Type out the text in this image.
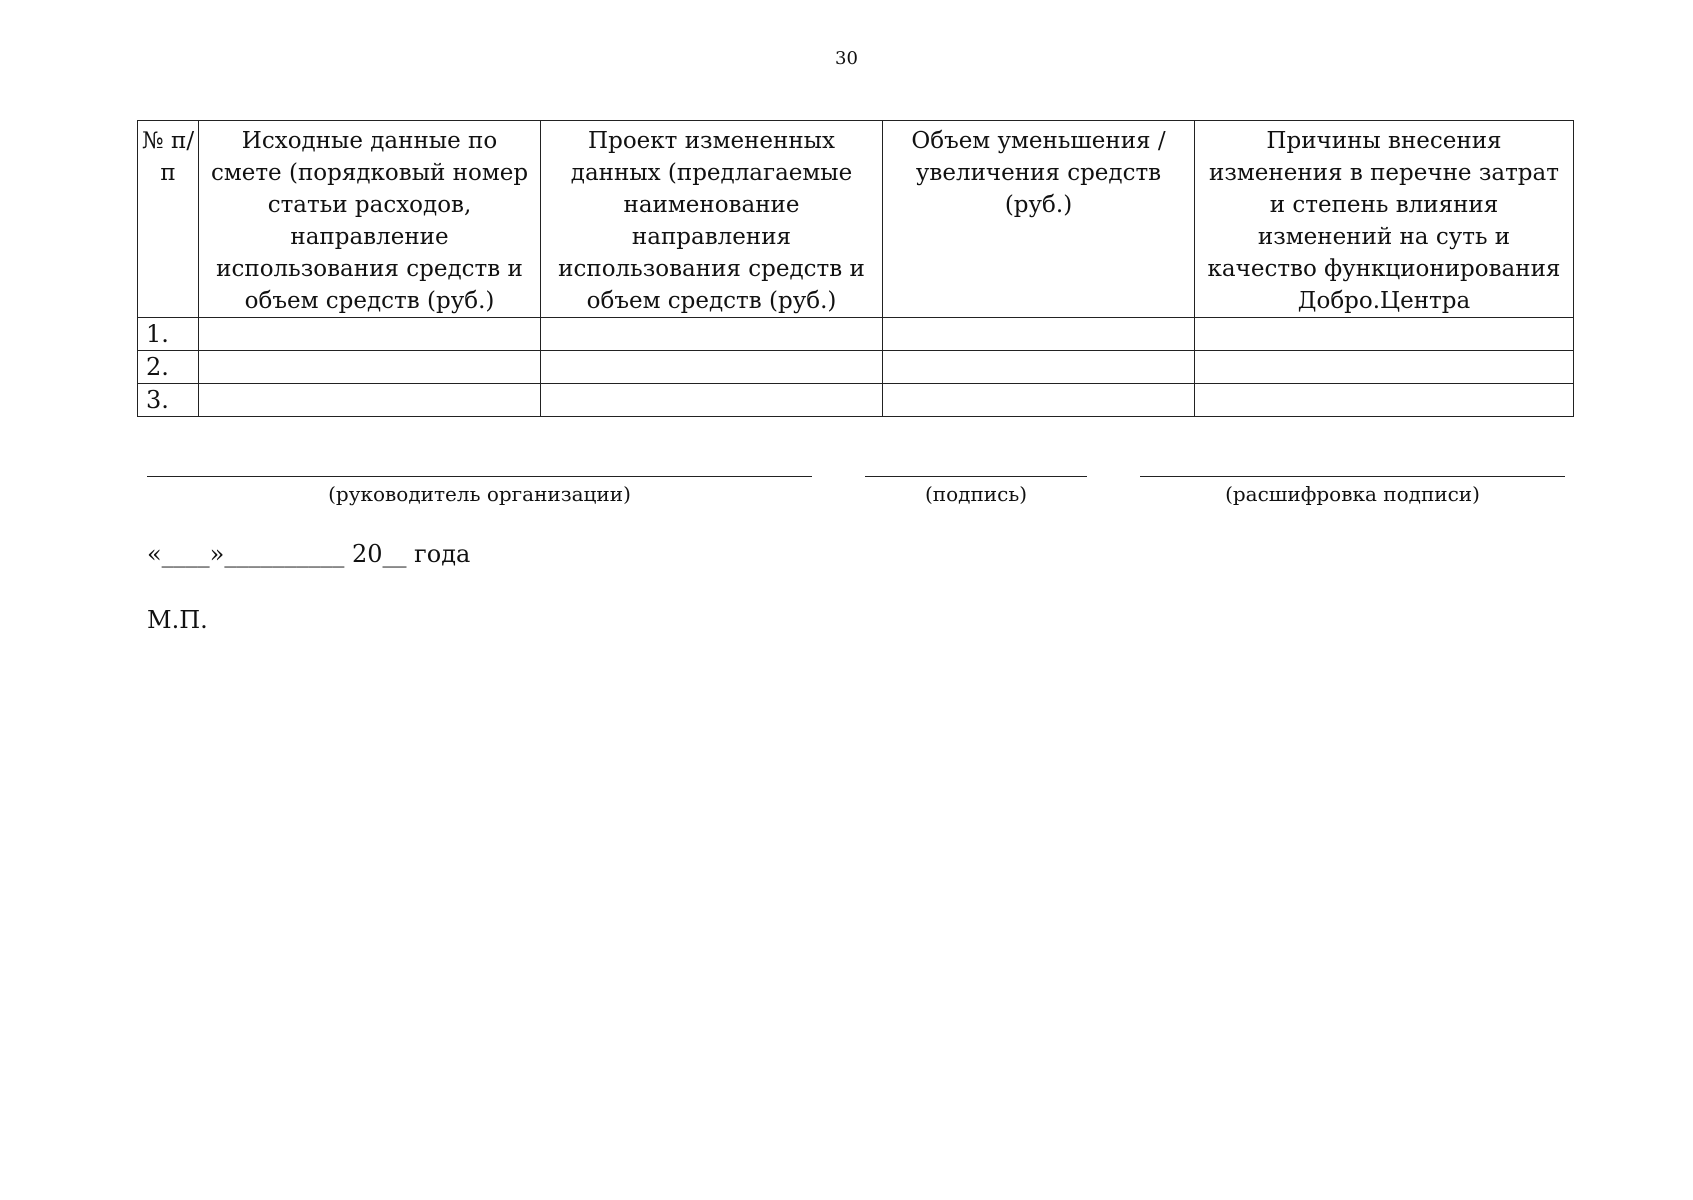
30
№ п/п	Исходные данные по смете (порядковый номер статьи расходов, направление использования средств и объем средств (руб.)	Проект измененных данных (предлагаемые наименование направления использования средств и объем средств (руб.)	Объем уменьшения / увеличения средств (руб.)	Причины внесения изменения в перечне затрат и степень влияния изменений на суть и качество функционирования Добро.Центра
1.				
2.				
3.				
(руководитель организации)	(подпись)	(расшифровка подписи)
«____»__________ 20__ года
М.П.
